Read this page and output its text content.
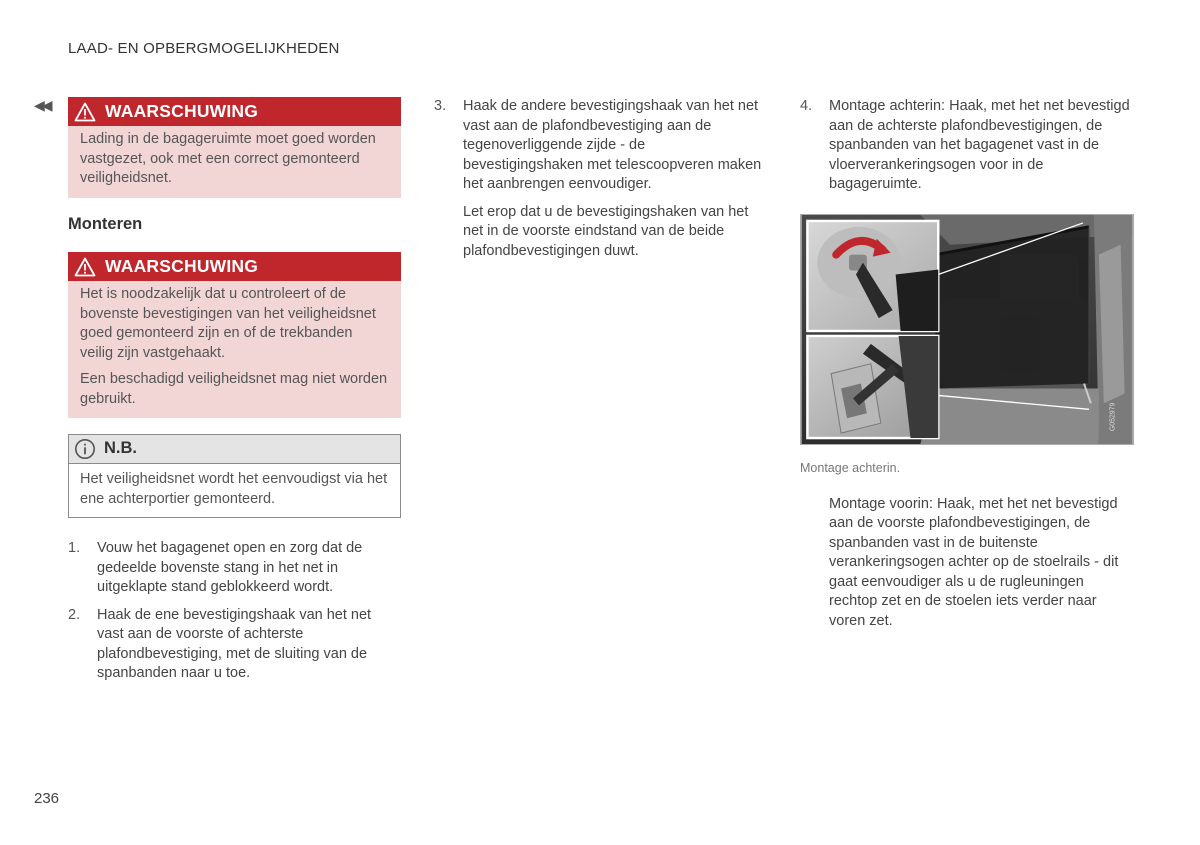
LAAD- EN OPBERGMOGELIJKHEDEN
◀◀	WAARSCHUWING

Lading in de bagageruimte moet goed worden vastgezet, ook met een correct gemonteerd veiligheidsnet.

Monteren
WAARSCHUWING

Het is noodzakelijk dat u controleert of de bovenste bevestigingen van het veiligheidsnet goed gemonteerd zijn en of de trekbanden veilig zijn vastgehaakt.

Een beschadigd veiligheidsnet mag niet worden gebruikt.

N.B.
Het veiligheidsnet wordt het eenvoudigst via het ene achterportier gemonteerd.
1.	Vouw het bagagenet open en zorg dat de gedeelde bovenste stang in het net in uitgeklapte stand geblokkeerd wordt.
2.	Haak de ene bevestigingshaak van het net vast aan de voorste of achterste plafondbevestiging, met de sluiting van de spanbanden naar u toe.
3.	Haak de andere bevestigingshaak van het net vast aan de plafondbevestiging aan de tegenoverliggende zijde - de bevestigingshaken met telescoopveren maken het aanbrengen eenvoudiger.

Let erop dat u de bevestigingshaken van het net in de voorste eindstand van de beide plafondbevestigingen duwt.

4.	Montage achterin: Haak, met het net bevestigd aan de achterste plafondbevestigingen, de spanbanden van het bagagenet vast in de vloerverankeringsogen voor in de bagageruimte.
G052979
Montage achterin.

Montage voorin: Haak, met het net bevestigd aan de voorste plafondbevestigingen, de spanbanden vast in de buitenste verankeringsogen achter op de stoelrails - dit gaat eenvoudiger als u de rugleuningen rechtop zet en de stoelen iets verder naar voren zet.

236
